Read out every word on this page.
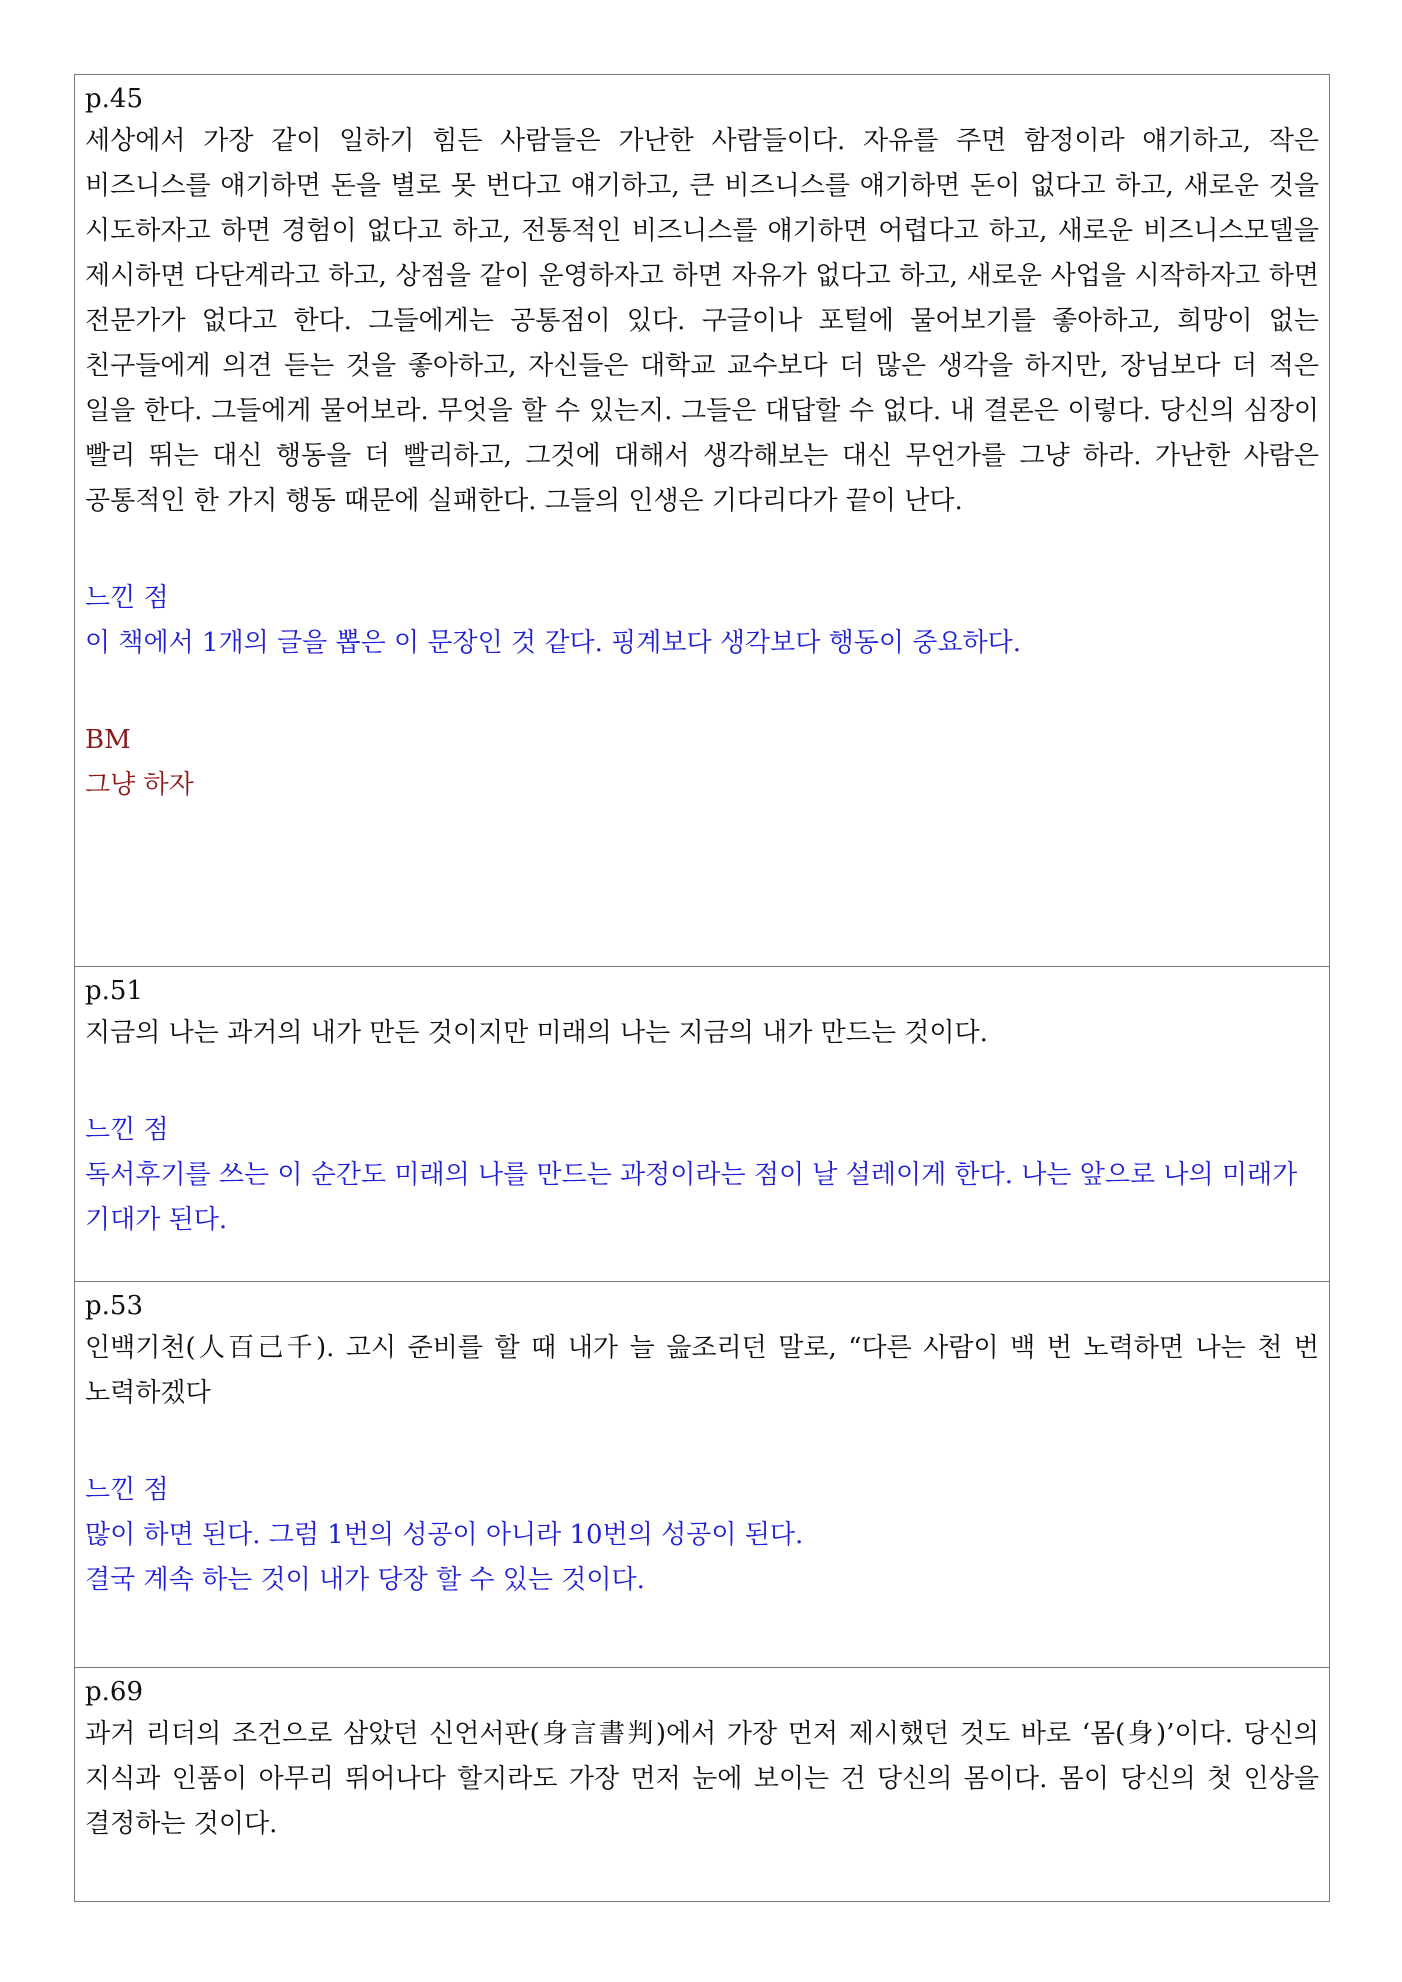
p.45
세상에서 가장 같이 일하기 힘든 사람들은 가난한 사람들이다. 자유를 주면 함정이라 얘기하고, 작은 비즈니스를 얘기하면 돈을 별로 못 번다고 얘기하고, 큰 비즈니스를 얘기하면 돈이 없다고 하고, 새로운 것을 시도하자고 하면 경험이 없다고 하고, 전통적인 비즈니스를 얘기하면 어렵다고 하고, 새로운 비즈니스모델을 제시하면 다단계라고 하고, 상점을 같이 운영하자고 하면 자유가 없다고 하고, 새로운 사업을 시작하자고 하면 전문가가 없다고 한다. 그들에게는 공통점이 있다. 구글이나 포털에 물어보기를 좋아하고, 희망이 없는 친구들에게 의견 듣는 것을 좋아하고, 자신들은 대학교 교수보다 더 많은 생각을 하지만, 장님보다 더 적은 일을 한다. 그들에게 물어보라. 무엇을 할 수 있는지. 그들은 대답할 수 없다. 내 결론은 이렇다. 당신의 심장이 빨리 뛰는 대신 행동을 더 빨리하고, 그것에 대해서 생각해보는 대신 무언가를 그냥 하라. 가난한 사람은 공통적인 한 가지 행동 때문에 실패한다. 그들의 인생은 기다리다가 끝이 난다.
느낀 점
이 책에서 1개의 글을 뽑은 이 문장인 것 같다. 핑계보다 생각보다 행동이 중요하다.
BM
그냥 하자

p.51
지금의 나는 과거의 내가 만든 것이지만 미래의 나는 지금의 내가 만드는 것이다.
느낀 점
독서후기를 쓰는 이 순간도 미래의 나를 만드는 과정이라는 점이 날 설레이게 한다. 나는 앞으로 나의 미래가 기대가 된다.

p.53
인백기천(人百己千). 고시 준비를 할 때 내가 늘 읊조리던 말로, “다른 사람이 백 번 노력하면 나는 천 번 노력하겠다
느낀 점
많이 하면 된다. 그럼 1번의 성공이 아니라 10번의 성공이 된다.
결국 계속 하는 것이 내가 당장 할 수 있는 것이다.

p.69
과거 리더의 조건으로 삼았던 신언서판(身言書判)에서 가장 먼저 제시했던 것도 바로 ‘몸(身)’이다. 당신의 지식과 인품이 아무리 뛰어나다 할지라도 가장 먼저 눈에 보이는 건 당신의 몸이다. 몸이 당신의 첫 인상을 결정하는 것이다.
